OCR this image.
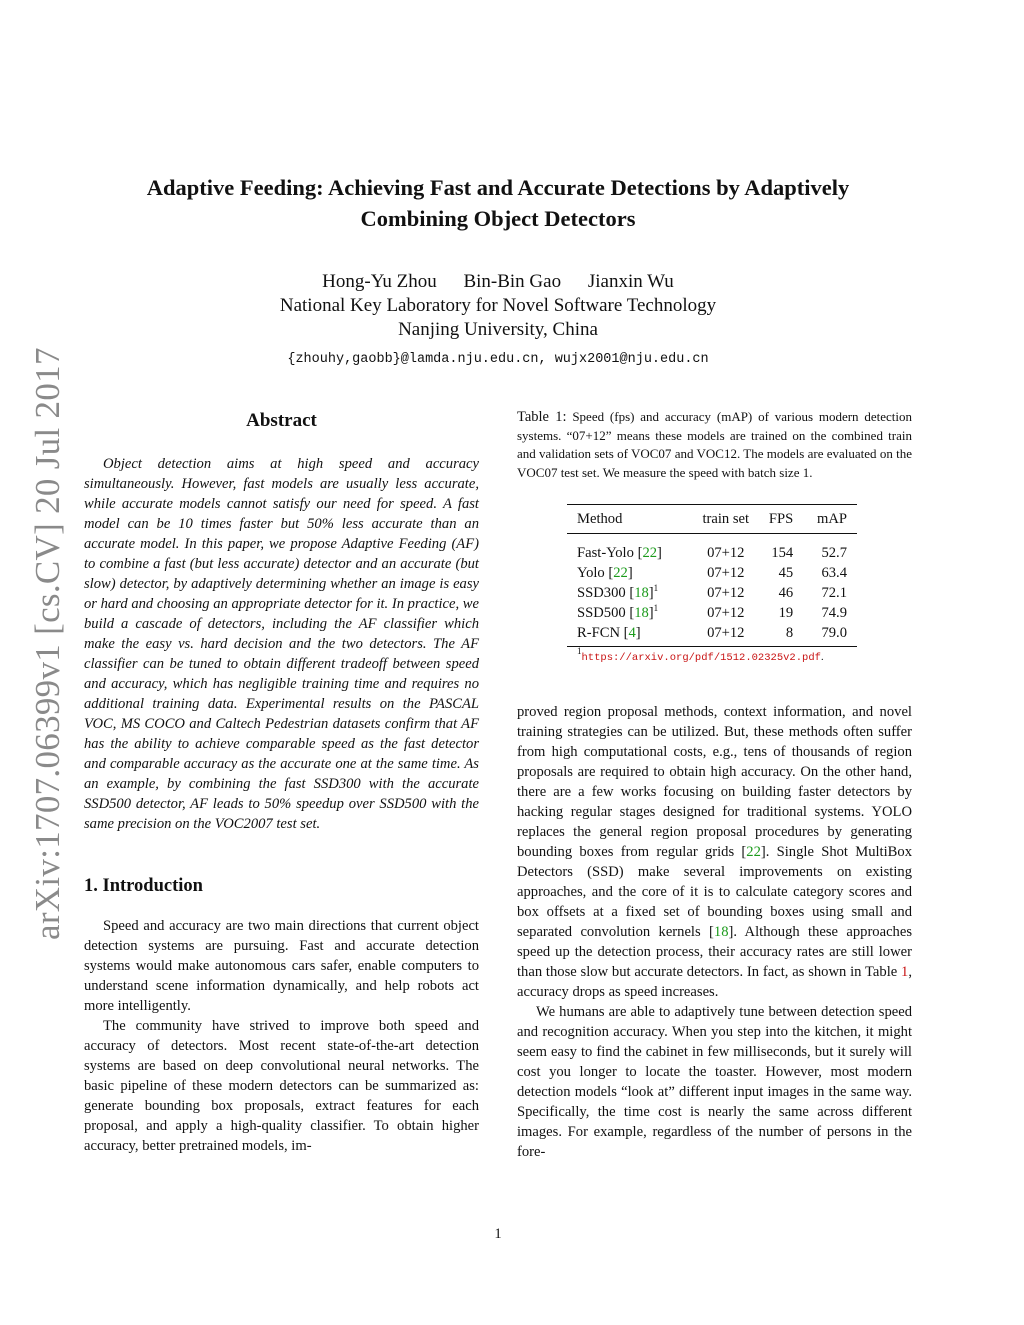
arXiv:1707.06399v1 [cs.CV] 20 Jul 2017
Adaptive Feeding: Achieving Fast and Accurate Detections by Adaptively
Combining Object Detectors
Hong-Yu Zhou Bin-Bin Gao Jianxin Wu
National Key Laboratory for Novel Software Technology
Nanjing University, China
{zhouhy,gaobb}@lamda.nju.edu.cn, wujx2001@nju.edu.cn
Abstract

Object detection aims at high speed and accuracy simultaneously. However, fast models are usually less accurate, while accurate models cannot satisfy our need for speed. A fast model can be 10 times faster but 50% less accurate than an accurate model. In this paper, we propose Adaptive Feeding (AF) to combine a fast (but less accurate) detector and an accurate (but slow) detector, by adaptively determining whether an image is easy or hard and choosing an appropriate detector for it. In practice, we build a cascade of detectors, including the AF classifier which make the easy vs. hard decision and the two detectors. The AF classifier can be tuned to obtain different tradeoff between speed and accuracy, which has negligible training time and requires no additional training data. Experimental results on the PASCAL VOC, MS COCO and Caltech Pedestrian datasets confirm that AF has the ability to achieve comparable speed as the fast detector and comparable accuracy as the accurate one at the same time. As an example, by combining the fast SSD300 with the accurate SSD500 detector, AF leads to 50% speedup over SSD500 with the same precision on the VOC2007 test set.

1. Introduction

Speed and accuracy are two main directions that current object detection systems are pursuing. Fast and accurate detection systems would make autonomous cars safer, enable computers to understand scene information dynamically, and help robots act more intelligently.

The community have strived to improve both speed and accuracy of detectors. Most recent state-of-the-art detection systems are based on deep convolutional neural networks. The basic pipeline of these modern detectors can be summarized as: generate bounding box proposals, extract features for each proposal, and apply a high-quality classifier. To obtain higher accuracy, better pretrained models, im-

Table 1: Speed (fps) and accuracy (mAP) of various modern detection systems. “07+12” means these models are trained on the combined train and validation sets of VOC07 and VOC12. The models are evaluated on the VOC07 test set. We measure the speed with batch size 1.

Method	train set	FPS	mAP
Fast-Yolo [22]	07+12	154	52.7
Yolo [22]	07+12	45	63.4
SSD300 $[18]^1$	07+12	46	72.1
SSD500 $[18]^1$	07+12	19	74.9
R-FCN [4]	07+12	8	79.0
$^1$https://arxiv.org/pdf/1512.02325v2.pdf.

proved region proposal methods, context information, and novel training strategies can be utilized. But, these methods often suffer from high computational costs, e.g., tens of thousands of region proposals are required to obtain high accuracy. On the other hand, there are a few works focusing on building faster detectors by hacking regular stages designed for traditional systems. YOLO replaces the general region proposal procedures by generating bounding boxes from regular grids [22]. Single Shot MultiBox Detectors (SSD) make several improvements on existing approaches, and the core of it is to calculate category scores and box offsets at a fixed set of bounding boxes using small and separated convolution kernels [18]. Although these approaches speed up the detection process, their accuracy rates are still lower than those slow but accurate detectors. In fact, as shown in Table 1, accuracy drops as speed increases.

We humans are able to adaptively tune between detection speed and recognition accuracy. When you step into the kitchen, it might seem easy to find the cabinet in few milliseconds, but it surely will cost you longer to locate the toaster. However, most modern detection models “look at” different input images in the same way. Specifically, the time cost is nearly the same across different images. For example, regardless of the number of persons in the fore-

1
